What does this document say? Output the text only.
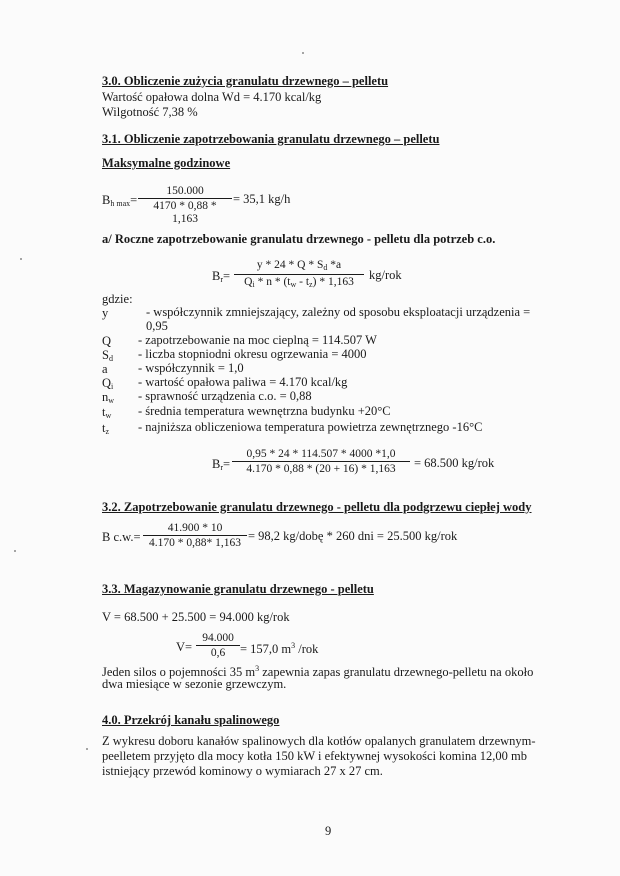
3.0. Obliczenie zużycia granulatu drzewnego – pelletu
Wartość opałowa dolna Wd = 4.170 kcal/kg
Wilgotność 7,38 %
3.1. Obliczenie zapotrzebowania granulatu drzewnego – pelletu
Maksymalne godzinowe
$B_{h max}= \frac{150.000}{4170 * 0,88 * 1,163} = 35,1$ kg/h
a/ Roczne zapotrzebowanie granulatu drzewnego - pelletu dla potrzeb c.o.
$B_r= \frac{y * 24 * Q * S_d *a}{Q_i * n * (t_w - t_z) * 1,163} kg/rok$
gdzie:
y	- współczynnik zmniejszający, zależny od sposobu eksploatacji urządzenia =
0,95
Q - zapotrzebowanie na moc cieplną = 114.507 W
$S_d$ - liczba stopniodni okresu ogrzewania = 4000
a - współczynnik = 1,0
$Q_i$ - wartość opałowa paliwa = 4.170 kcal/kg
$n_w$ - sprawność urządzenia c.o. = 0,88
$t_w$ - średnia temperatura wewnętrzna budynku +20°C
$t_z$ - najniższa obliczeniowa temperatura powietrza zewnętrznego -16°C
$B_r= \frac{0,95 * 24 * 114.507 * 4000 *1,0}{4.170 * 0,88 * (20 + 16) * 1,163} = 68.500$ kg/rok
3.2. Zapotrzebowanie granulatu drzewnego - pelletu dla podgrzewu ciepłej wody
B $c.w.= \frac{41.900 * 10}{4.170 * 0,88* 1,163} = 98,2$ kg/dobę * 260 dni = 25.500 kg/rok
3.3. Magazynowanie granulatu drzewnego - pelletu
V = 68.500 + 25.500 = 94.000 kg/rok
$V= \frac{94.000}{0,6} = 157,0$ $m^3$ /rok
Jeden silos o pojemności 35 $m^3$ zapewnia zapas granulatu drzewnego-pelletu na około
dwa miesiące w sezonie grzewczym.
4.0. Przekrój kanału spalinowego
Z wykresu doboru kanałów spalinowych dla kotłów opalanych granulatem drzewnym-
peelletem przyjęto dla mocy kotła 150 kW i efektywnej wysokości komina 12,00 mb
istniejący przewód kominowy o wymiarach 27 x 27 cm.
9
